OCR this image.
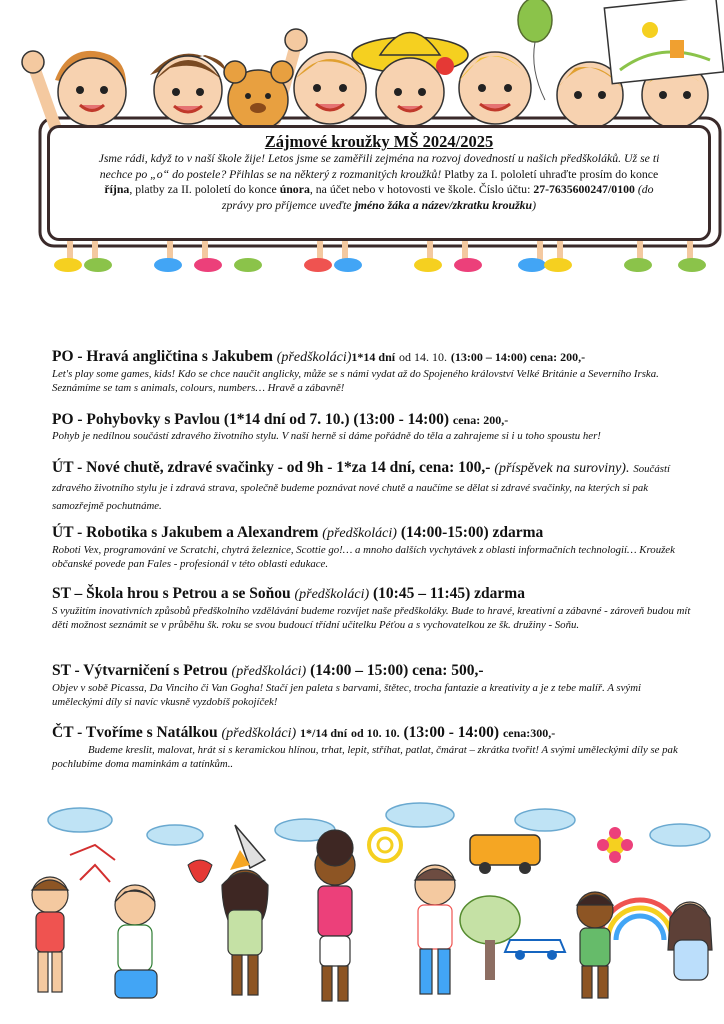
Zájmové kroužky MŠ 2024/2025
Jsme rádi, když to v naší škole žije! Letos jsme se zaměřili zejména na rozvoj dovedností u našich předškoláků. Už se ti nechce po „o“ do postele? Přihlas se na některý z rozmanitých kroužků! Platby za I. pololetí uhraďte prosím do konce října, platby za II. pololetí do konce února, na účet nebo v hotovosti ve škole. Číslo účtu: 27-7635600247/0100 (do zprávy pro příjemce uveďte jméno žáka a název/zkratku kroužku)
PO - Hravá angličtina s Jakubem (předškoláci)1*14 dní od 14. 10. (13:00 – 14:00) cena: 200,-
Let's play some games, kids! Kdo se chce naučit anglicky, může se s námi vydat až do Spojeného království Velké Británie a Severního Irska. Seznámíme se tam s animals, colours, numbers… Hravě a zábavně!
PO - Pohybovky s Pavlou (1*14 dní od 7. 10.) (13:00 - 14:00) cena: 200,-
Pohyb je nedílnou součástí zdravého životního stylu. V naší herně si dáme pořádně do těla a zahrajeme si i u toho spoustu her!
ÚT - Nové chutě, zdravé svačinky - od 9h - 1*za 14 dní, cena: 100,- (příspěvek na suroviny). Součástí zdravého životního stylu je i zdravá strava, společně budeme poznávat nové chutě a naučíme se dělat si zdravé svačinky, na kterých si pak samozřejmě pochutnáme.
ÚT - Robotika s Jakubem a Alexandrem (předškoláci) (14:00-15:00) zdarma
Roboti Vex, programování ve Scratchi, chytrá železnice, Scottie go!… a mnoho dalších vychytávek z oblasti informačních technologií… Kroužek občanské povede pan Fales - profesionál v této oblasti edukace.
ST – Škola hrou s Petrou a se Soňou (předškoláci) (10:45 – 11:45) zdarma
S využitím inovativních způsobů předškolního vzdělávání budeme rozvíjet naše předškoláky. Bude to hravé, kreativní a zábavné - zároveň budou mít děti možnost seznámit se v průběhu šk. roku se svou budoucí třídní učitelku Péťou a s vychovatelkou ze šk. družiny - Soňu.
ST - Výtvarničení s Petrou (předškoláci) (14:00 – 15:00) cena: 500,-
Objev v sobě Picassa, Da Vinciho či Van Gogha! Stačí jen paleta s barvami, štětec, trocha fantazie a kreativity a je z tebe malíř. A svými uměleckými díly si navíc vkusně vyzdobíš pokojíček!
ČT - Tvoříme s Natálkou (předškoláci) 1*/14 dní od 10. 10. (13:00 - 14:00) cena:300,-
Budeme kreslit, malovat, hrát si s keramickou hlínou, trhat, lepit, stříhat, patlat, čmárat – zkrátka tvořit! A svými uměleckými díly se pak pochlubíme doma maminkám a tatínkům..
